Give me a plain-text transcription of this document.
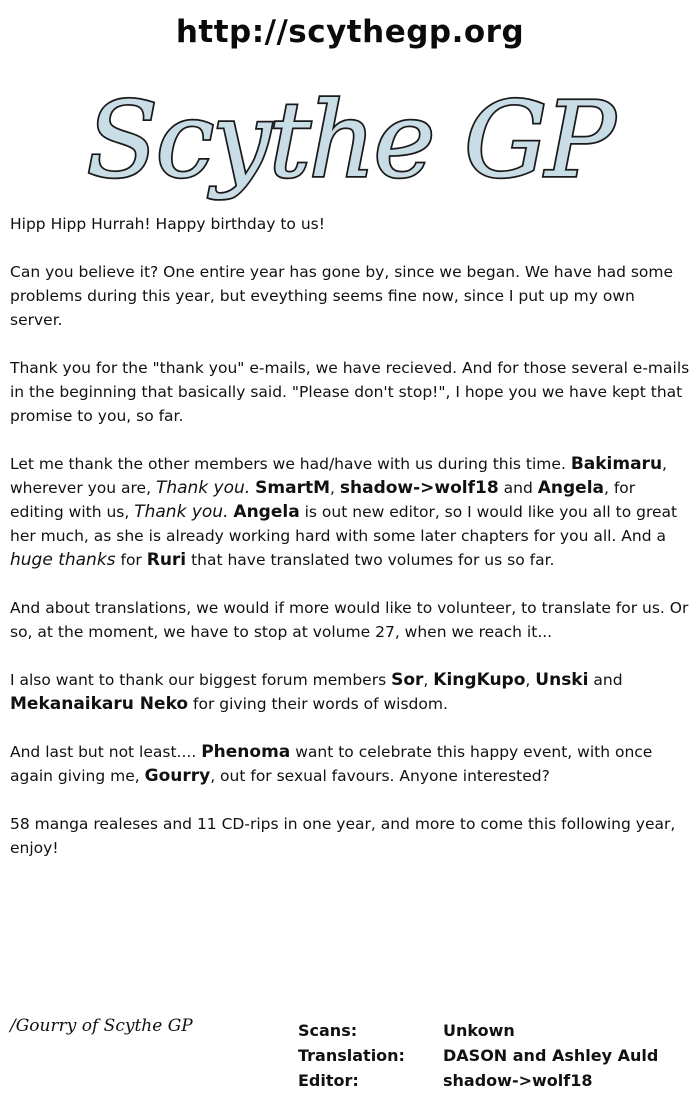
http://scythegp.org
Scythe GP

Hipp Hipp Hurrah! Happy birthday to us!

Can you believe it? One entire year has gone by, since we began. We have had some problems during this year, but eveything seems fine now, since I put up my own server.

Thank you for the "thank you" e-mails, we have recieved. And for those several e-mails in the beginning that basically said. "Please don't stop!", I hope you we have kept that promise to you, so far.

Let me thank the other members we had/have with us during this time. Bakimaru, wherever you are, Thank you. SmartM, shadow->wolf18 and Angela, for editing with us, Thank you. Angela is out new editor, so I would like you all to great her much, as she is already working hard with some later chapters for you all. And a huge thanks for Ruri that have translated two volumes for us so far.

And about translations, we would if more would like to volunteer, to translate for us. Or so, at the moment, we have to stop at volume 27, when we reach it...

I also want to thank our biggest forum members Sor, KingKupo, Unski and Mekanaikaru Neko for giving their words of wisdom.

And last but not least.... Phenoma want to celebrate this happy event, with once again giving me, Gourry, out for sexual favours. Anyone interested?

58 manga realeses and 11 CD-rips in one year, and more to come this following year, enjoy!

/Gourry of Scythe GP	Scans:	Unkown
Translation:	DASON and Ashley Auld
Editor:	shadow->wolf18
